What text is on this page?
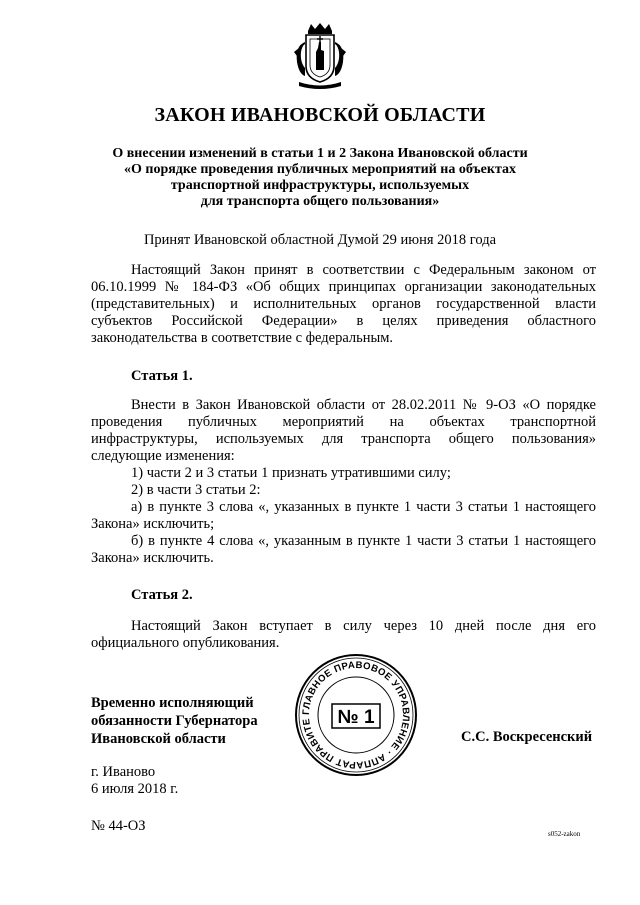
ЗАКОН ИВАНОВСКОЙ ОБЛАСТИ
О внесении изменений в статьи 1 и 2 Закона Ивановской области
«О порядке проведения публичных мероприятий на объектах
транспортной инфраструктуры, используемых
для транспорта общего пользования»
Принят Ивановской областной Думой 29 июня 2018 года

Настоящий Закон принят в соответствии с Федеральным законом от 06.10.1999 № 184-ФЗ «Об общих принципах организации законодательных (представительных) и исполнительных органов государственной власти субъектов Российской Федерации» в целях приведения областного законодательства в соответствие с федеральным.

Статья 1.

Внести в Закон Ивановской области от 28.02.2011 № 9-ОЗ «О порядке проведения публичных мероприятий на объектах транспортной инфраструктуры, используемых для транспорта общего пользования» следующие изменения:

1) части 2 и 3 статьи 1 признать утратившими силу;

2) в части 3 статьи 2:

а) в пункте 3 слова «, указанных в пункте 1 части 3 статьи 1 настоящего Закона» исключить;

б) в пункте 4 слова «, указанным в пункте 1 части 3 статьи 1 настоящего Закона» исключить.

Статья 2.

Настоящий Закон вступает в силу через 10 дней после дня его официального опубликования.

ГЛАВНОЕ ПРАВОВОЕ УПРАВЛЕНИЕ · АППАРАТ ПРАВИТЕ	№ 1
Временно исполняющий
обязанности Губернатора
Ивановской области	С.С. Воскресенский
г. Иваново
6 июля 2018 г.
№ 44-ОЗ	s052-zakon
